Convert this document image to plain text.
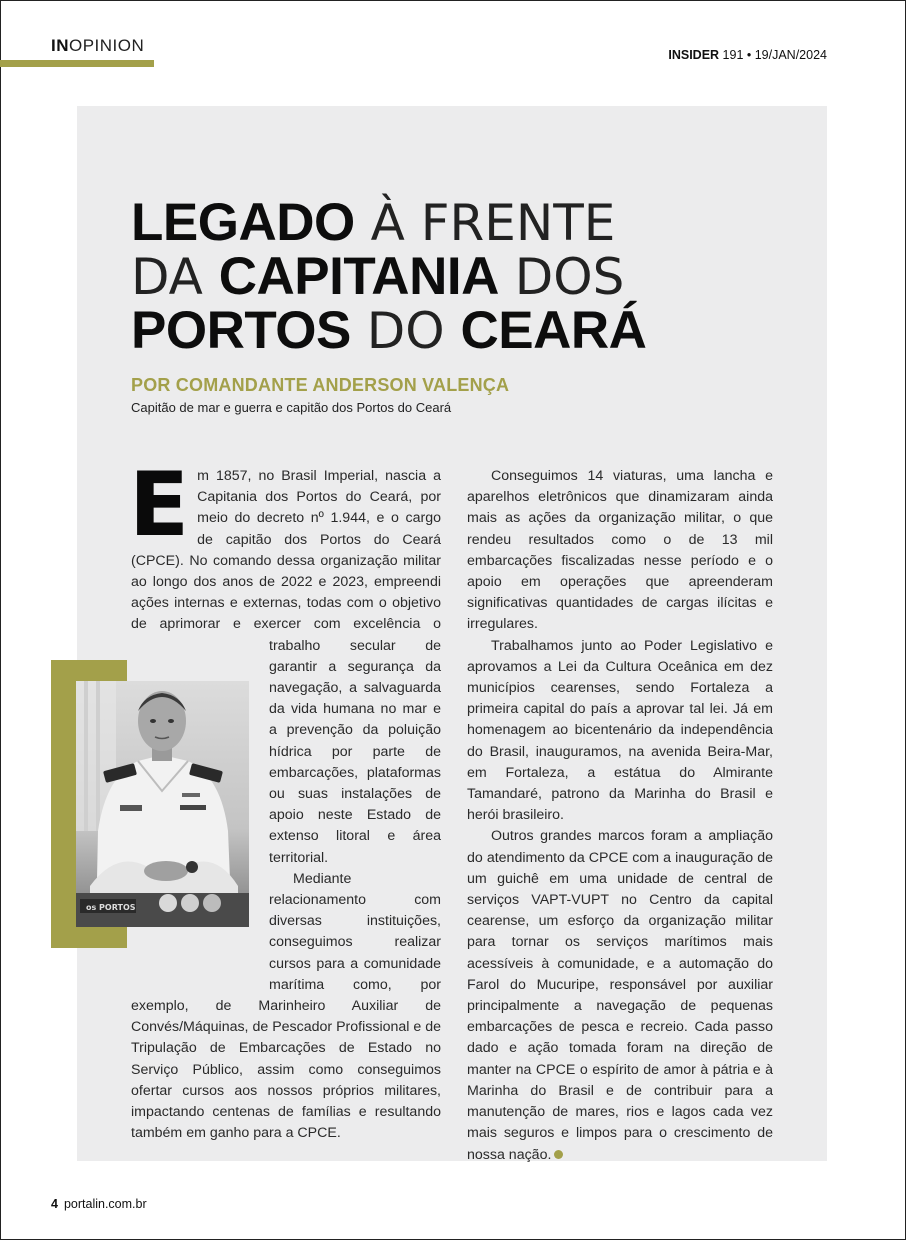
INOPINION	INSIDER 191 • 19/JAN/2024
LEGADO À FRENTE
DA CAPITANIA DOS
PORTOS DO CEARÁ
POR COMANDANTE ANDERSON VALENÇA
Capitão de mar e guerra e capitão dos Portos do Ceará
os PORTOS

E m 1857, no Brasil Imperial, nascia a Capitania dos Portos do Ceará, por meio do decreto nº 1.944, e o cargo de capitão dos Portos do Ceará (CPCE). No comando dessa organização militar ao longo dos anos de 2022 e 2023, empreendi ações internas e externas, todas com o objetivo de aprimorar e exercer com excelência o trabalho secular de garantir a segurança da navegação, a salvaguarda da vida humana no mar e a prevenção da poluição hídrica por parte de embarcações, plataformas ou suas instalações de apoio neste Estado de extenso litoral e área territorial.

Mediante relacionamento com diversas instituições, conseguimos realizar cursos para a comunidade marítima como, por exemplo, de Marinheiro Auxiliar de Convés/Máquinas, de Pescador Profissional e de Tripulação de Embarcações de Estado no Serviço Público, assim como conseguimos ofertar cursos aos nossos próprios militares, impactando centenas de famílias e resultando também em ganho para a CPCE.

Conseguimos 14 viaturas, uma lancha e aparelhos eletrônicos que dinamizaram ainda mais as ações da organização militar, o que rendeu resultados como o de 13 mil embarcações fiscalizadas nesse período e o apoio em operações que apreenderam significativas quantidades de cargas ilícitas e irregulares.

Trabalhamos junto ao Poder Legislativo e aprovamos a Lei da Cultura Oceânica em dez municípios cearenses, sendo Fortaleza a primeira capital do país a aprovar tal lei. Já em homenagem ao bicentenário da independência do Brasil, inauguramos, na avenida Beira-Mar, em Fortaleza, a estátua do Almirante Tamandaré, patrono da Marinha do Brasil e herói brasileiro.

Outros grandes marcos foram a ampliação do atendimento da CPCE com a inauguração de um guichê em uma unidade de central de serviços VAPT-VUPT no Centro da capital cearense, um esforço da organização militar para tornar os serviços marítimos mais acessíveis à comunidade, e a automação do Farol do Mucuripe, responsável por auxiliar principalmente a navegação de pequenas embarcações de pesca e recreio. Cada passo dado e ação tomada foram na direção de manter na CPCE o espírito de amor à pátria e à Marinha do Brasil e de contribuir para a manutenção de mares, rios e lagos cada vez mais seguros e limpos para o crescimento de nossa nação.+

4 portalin.com.br
